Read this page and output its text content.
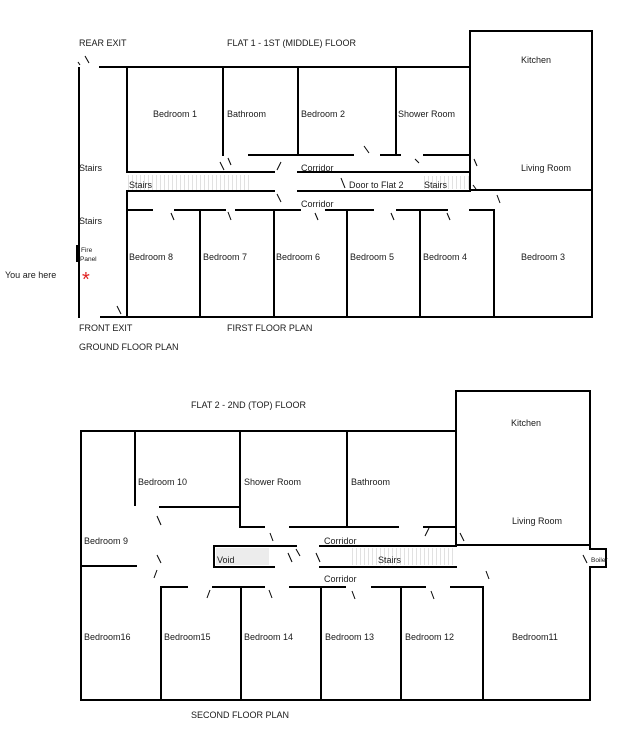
REAR EXIT	FLAT 1 - 1ST (MIDDLE) FLOOR
Kitchen
Bedroom 1	Bathroom	Bedroom 2	Shower Room
Stairs	Corridor	Living Room
Stairs	Door to Flat 2 Stairs
Corridor
Stairs
Fire
Panel	Bedroom 8	Bedroom 7	Bedroom 6	Bedroom 5	Bedroom 4	Bedroom 3
You are here *
FRONT EXIT	FIRST FLOOR PLAN
GROUND FLOOR PLAN
FLAT 2 - 2ND (TOP) FLOOR
Kitchen
Bedroom 10	Shower Room	Bathroom
Living Room
Bedroom 9	Corridor
Void	Stairs	Boiler
Corridor
Bedroom16	Bedroom15	Bedroom 14	Bedroom 13	Bedroom 12	Bedroom11
SECOND FLOOR PLAN
